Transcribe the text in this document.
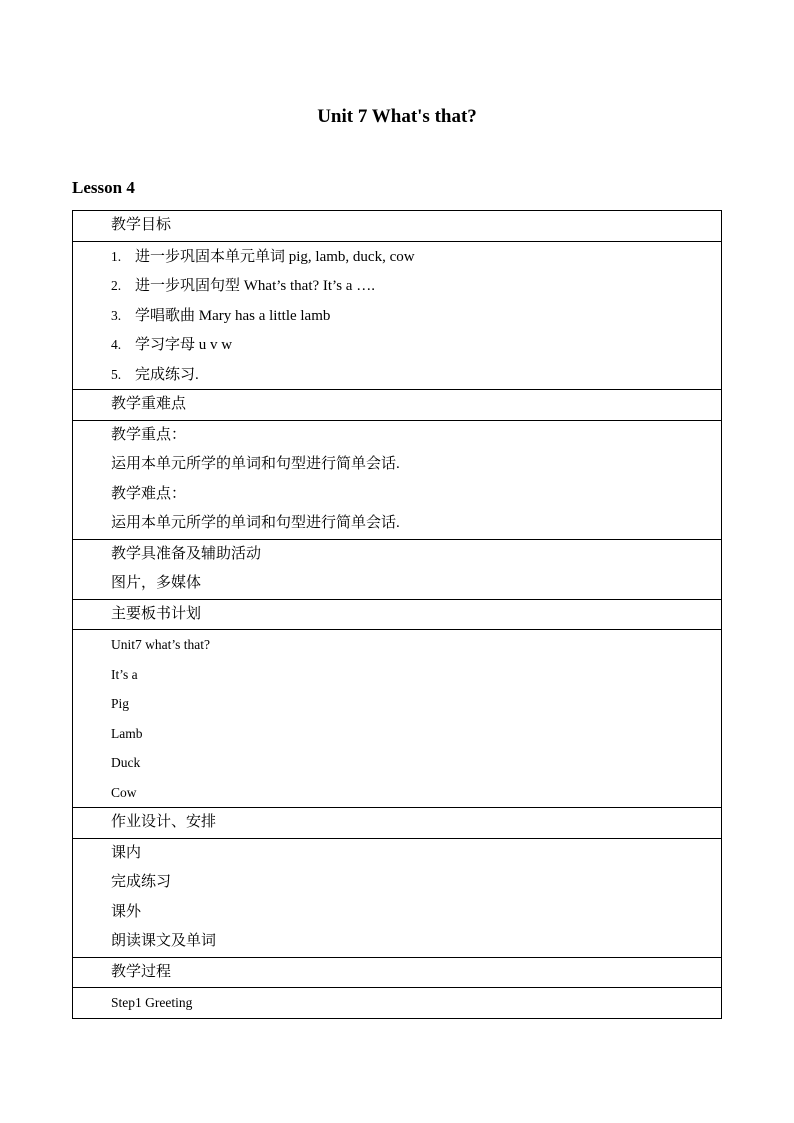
Unit 7 What's that?
Lesson 4
教学目标

1. 进一步巩固本单元单词 pig, lamb, duck, cow
2. 进一步巩固句型 What’s that? It’s a ….
3. 学唱歌曲 Mary has a little lamb
4. 学习字母 u v w
5. 完成练习.

教学重难点

教学重点：
运用本单元所学的单词和句型进行简单会话.
教学难点：
运用本单元所学的单词和句型进行简单会话.

教学具准备及辅助活动
图片，多媒体

主要板书计划

Unit7 what’s that?
It’s a
Pig
Lamb
Duck
Cow

作业设计、安排

课内
完成练习
课外
朗读课文及单词

教学过程

Step1 Greeting
